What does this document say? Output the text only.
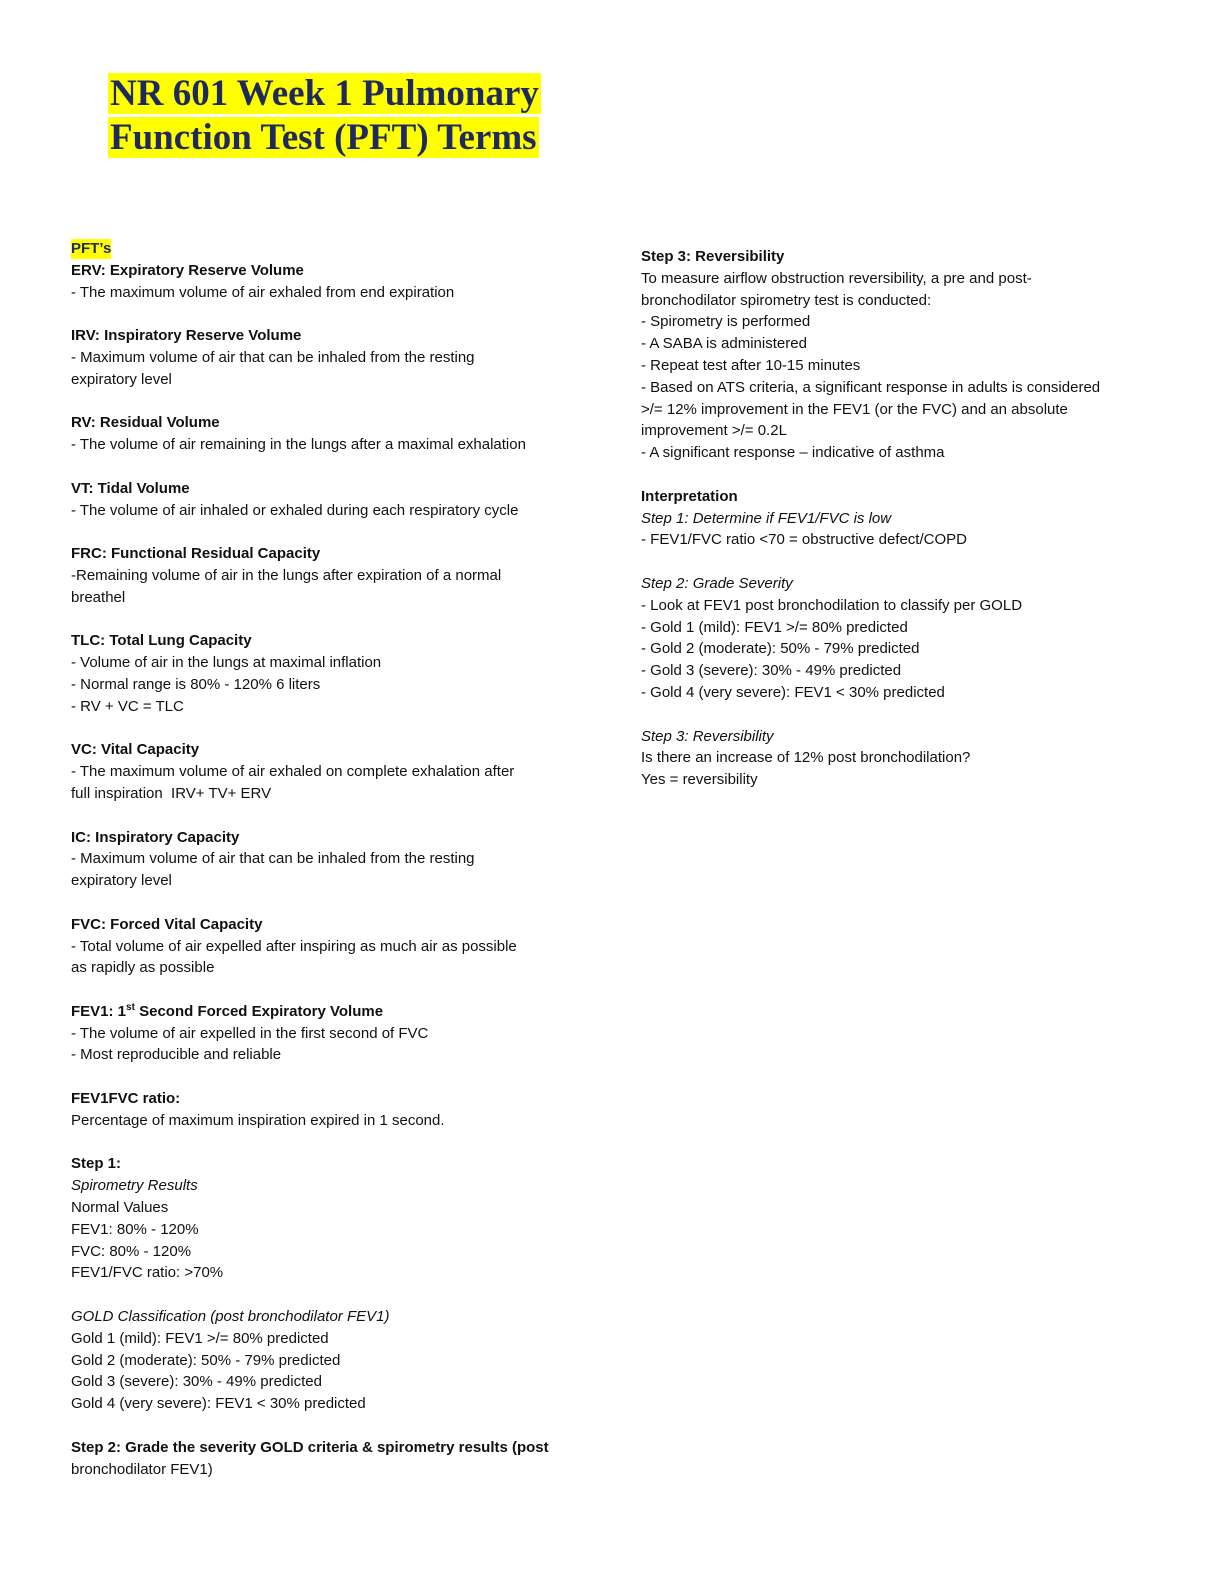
NR 601 Week 1 Pulmonary
Function Test (PFT) Terms
PFT’s
ERV: Expiratory Reserve Volume
- The maximum volume of air exhaled from end expiration
IRV: Inspiratory Reserve Volume
- Maximum volume of air that can be inhaled from the resting
expiratory level
RV: Residual Volume
- The volume of air remaining in the lungs after a maximal exhalation
VT: Tidal Volume
- The volume of air inhaled or exhaled during each respiratory cycle
FRC: Functional Residual Capacity
-Remaining volume of air in the lungs after expiration of a normal
breathel
TLC: Total Lung Capacity
- Volume of air in the lungs at maximal inflation
- Normal range is 80% - 120% 6 liters
- RV + VC = TLC
VC: Vital Capacity
- The maximum volume of air exhaled on complete exhalation after
full inspiration  IRV+ TV+ ERV
IC: Inspiratory Capacity
- Maximum volume of air that can be inhaled from the resting
expiratory level
FVC: Forced Vital Capacity
- Total volume of air expelled after inspiring as much air as possible
as rapidly as possible
FEV1: 1st Second Forced Expiratory Volume
- The volume of air expelled in the first second of FVC
- Most reproducible and reliable
FEV1FVC ratio:
Percentage of maximum inspiration expired in 1 second.
Step 1:
Spirometry Results
Normal Values
FEV1: 80% - 120%
FVC: 80% - 120%
FEV1/FVC ratio: >70%
GOLD Classification (post bronchodilator FEV1)
Gold 1 (mild): FEV1 >/= 80% predicted
Gold 2 (moderate): 50% - 79% predicted
Gold 3 (severe): 30% - 49% predicted
Gold 4 (very severe): FEV1 < 30% predicted
Step 2: Grade the severity GOLD criteria & spirometry results (post
bronchodilator FEV1)
Step 3: Reversibility
To measure airflow obstruction reversibility, a pre and post-
bronchodilator spirometry test is conducted:
- Spirometry is performed
- A SABA is administered
- Repeat test after 10-15 minutes
- Based on ATS criteria, a significant response in adults is considered
>/= 12% improvement in the FEV1 (or the FVC) and an absolute
improvement >/= 0.2L
- A significant response – indicative of asthma
Interpretation
Step 1: Determine if FEV1/FVC is low
- FEV1/FVC ratio <70 = obstructive defect/COPD
Step 2: Grade Severity
- Look at FEV1 post bronchodilation to classify per GOLD
- Gold 1 (mild): FEV1 >/= 80% predicted
- Gold 2 (moderate): 50% - 79% predicted
- Gold 3 (severe): 30% - 49% predicted
- Gold 4 (very severe): FEV1 < 30% predicted
Step 3: Reversibility
Is there an increase of 12% post bronchodilation?
Yes = reversibility
